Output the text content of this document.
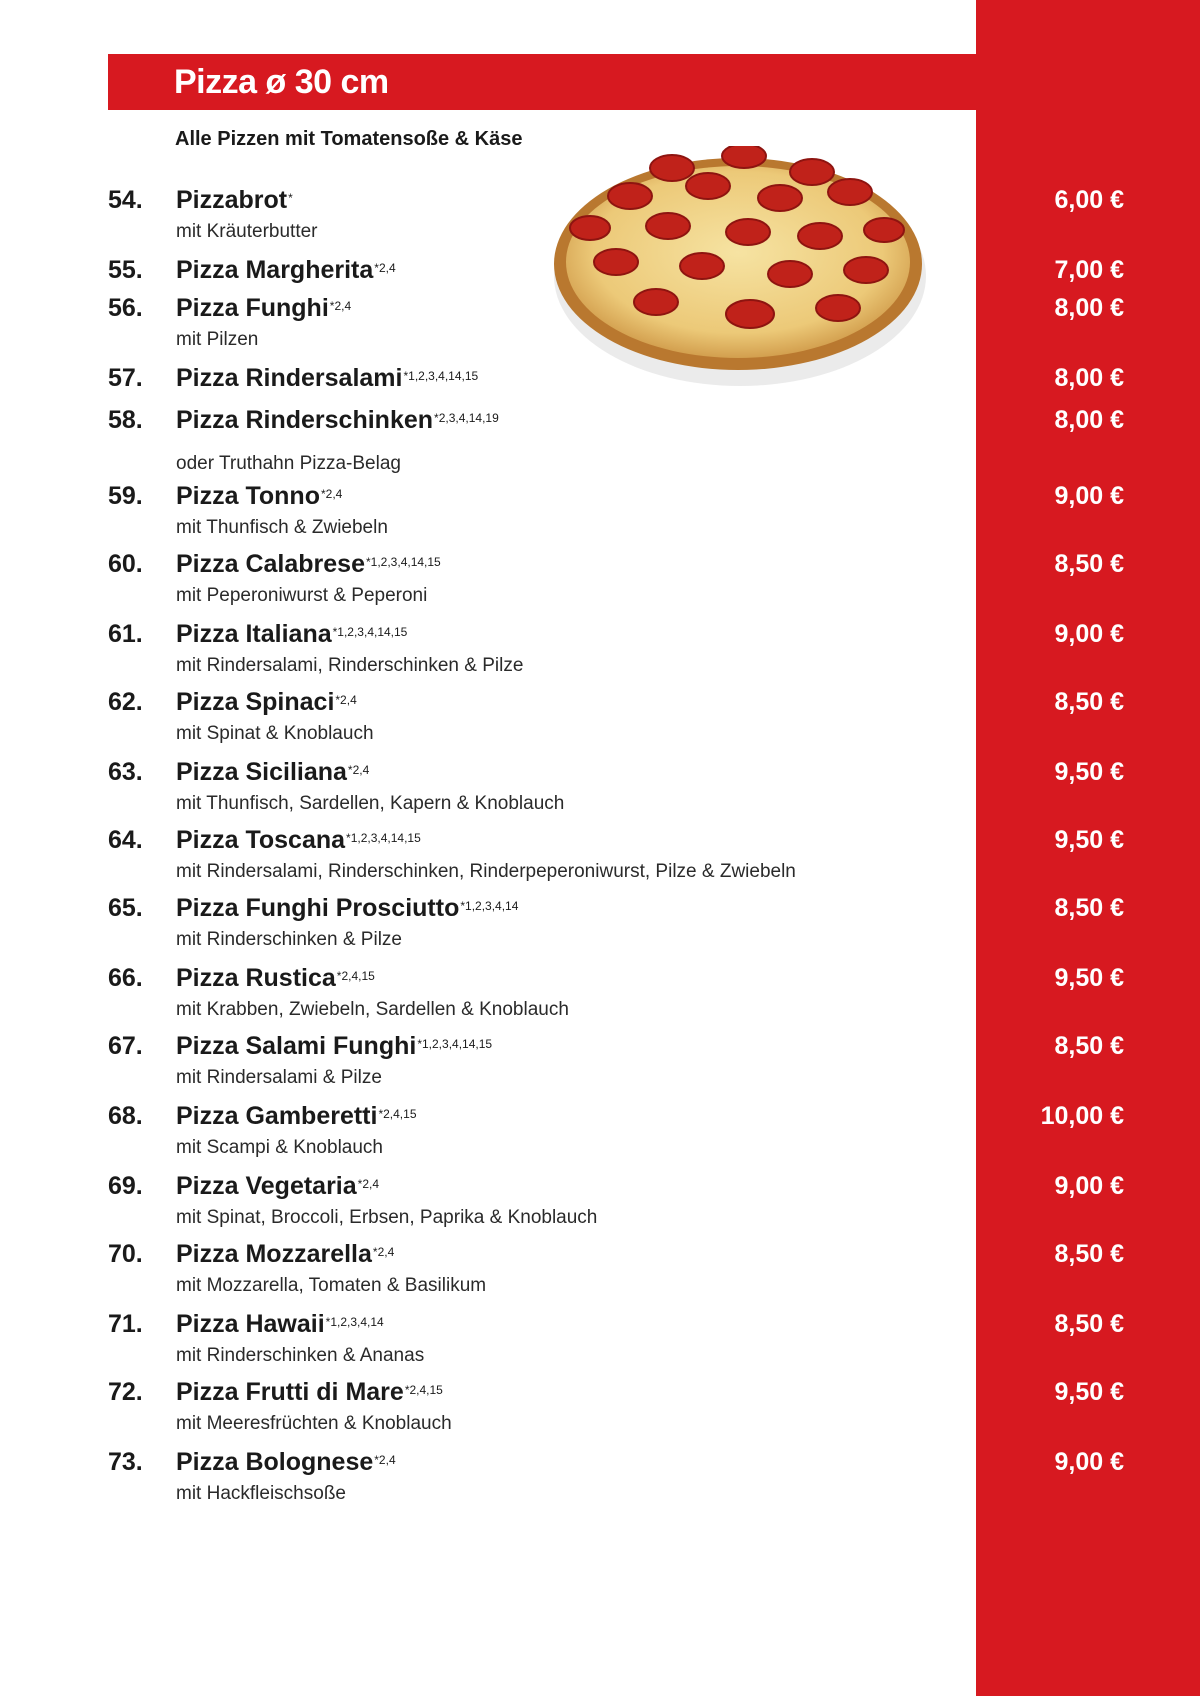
Pizza ø 30 cm
Alle Pizzen mit Tomatensoße & Käse
54. Pizzabrot*
mit Kräuterbutter
6,00 €
55. Pizza Margherita$^{*2,4}$	7,00 €
56. Pizza Funghi$^{*2,4}$
mit Pilzen
8,00 €
57. Pizza Rindersalami$^{*1,2,3,4,14,15}$	8,00 €
58. Pizza Rinderschinken$^{*2,3,4,14,19}$
oder Truthahn Pizza-Belag
8,00 €
59. Pizza Tonno$^{*2,4}$
mit Thunfisch & Zwiebeln
9,00 €
60. Pizza Calabrese$^{*1,2,3,4,14,15}$
mit Peperoniwurst & Peperoni
8,50 €
61. Pizza Italiana$^{*1,2,3,4,14,15}$
mit Rindersalami, Rinderschinken & Pilze
9,00 €
62. Pizza Spinaci$^{*2,4}$
mit Spinat & Knoblauch
8,50 €
63. Pizza Siciliana$^{*2,4}$
mit Thunfisch, Sardellen, Kapern & Knoblauch
9,50 €
64. Pizza Toscana$^{*1,2,3,4,14,15}$
mit Rindersalami, Rinderschinken, Rinderpeperoniwurst, Pilze & Zwiebeln
9,50 €
65. Pizza Funghi Prosciutto$^{*1,2,3,4,14}$
mit Rinderschinken & Pilze
8,50 €
66. Pizza Rustica$^{*2,4,15}$
mit Krabben, Zwiebeln, Sardellen & Knoblauch
9,50 €
67. Pizza Salami Funghi$^{*1,2,3,4,14,15}$
mit Rindersalami & Pilze
8,50 €
68. Pizza Gamberetti$^{*2,4,15}$
mit Scampi & Knoblauch
10,00 €
69. Pizza Vegetaria$^{*2,4}$
mit Spinat, Broccoli, Erbsen, Paprika & Knoblauch
9,00 €
70. Pizza Mozzarella$^{*2,4}$
mit Mozzarella, Tomaten & Basilikum
8,50 €
71. Pizza Hawaii$^{*1,2,3,4,14}$
mit Rinderschinken & Ananas
8,50 €
72. Pizza Frutti di Mare$^{*2,4,15}$
mit Meeresfrüchten & Knoblauch
9,50 €
73. Pizza Bolognese$^{*2,4}$
mit Hackfleischsoße
9,00 €
